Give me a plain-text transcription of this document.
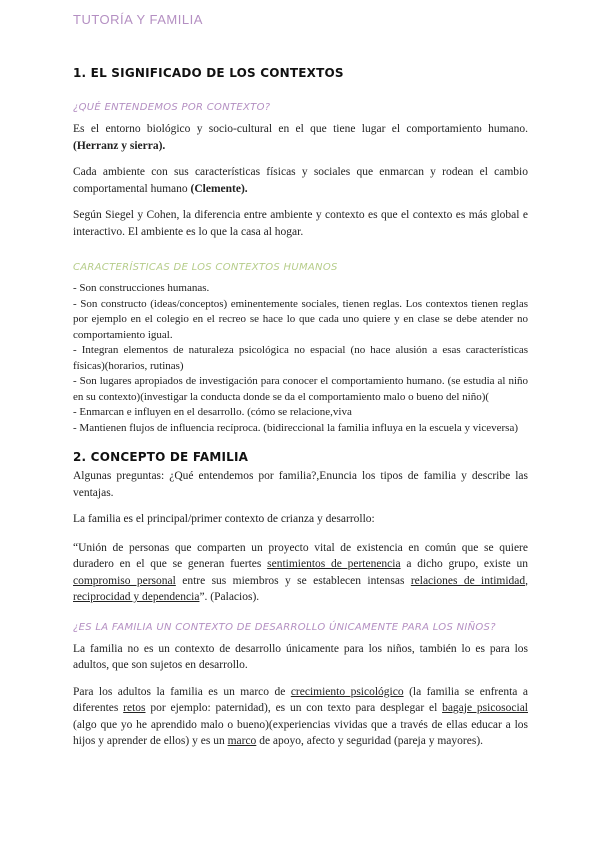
TUTORÍA Y FAMILIA
1. EL SIGNIFICADO DE LOS CONTEXTOS
¿QUÉ ENTENDEMOS POR CONTEXTO?

Es el entorno biológico y socio-cultural en el que tiene lugar el comportamiento humano. (Herranz y sierra).

Cada ambiente con sus características físicas y sociales que enmarcan y rodean el cambio comportamental humano (Clemente).

Según Siegel y Cohen, la diferencia entre ambiente y contexto es que el contexto es más global e interactivo. El ambiente es lo que la casa al hogar.

CARACTERÍSTICAS DE LOS CONTEXTOS HUMANOS

- Son construcciones humanas.

- Son constructo (ideas/conceptos) eminentemente sociales, tienen reglas. Los contextos tienen reglas por ejemplo en el colegio en el recreo se hace lo que cada uno quiere y en clase se debe atender no comportamiento igual.

- Integran elementos de naturaleza psicológica no espacial (no hace alusión a esas características físicas)(horarios, rutinas)

- Son lugares apropiados de investigación para conocer el comportamiento humano. (se estudia al niño en su contexto)(investigar la conducta donde se da el comportamiento malo o bueno del niño)(

- Enmarcan e influyen en el desarrollo. (cómo se relacione,viva

- Mantienen flujos de influencia recíproca. (bidireccional la familia influya en la escuela y viceversa)

2. CONCEPTO DE FAMILIA

Algunas preguntas: ¿Qué entendemos por familia?,Enuncia los tipos de familia y describe las ventajas.

La familia es el principal/primer contexto de crianza y desarrollo:

“Unión de personas que comparten un proyecto vital de existencia en común que se quiere duradero en el que se generan fuertes sentimientos de pertenencia a dicho grupo, existe un compromiso personal entre sus miembros y se establecen intensas relaciones de intimidad, reciprocidad y dependencia”. (Palacios).

¿ES LA FAMILIA UN CONTEXTO DE DESARROLLO ÚNICAMENTE PARA LOS NIÑOS?

La familia no es un contexto de desarrollo únicamente para los niños, también lo es para los adultos, que son sujetos en desarrollo.

Para los adultos la familia es un marco de crecimiento psicológico (la familia se enfrenta a diferentes retos por ejemplo: paternidad), es un con texto para desplegar el bagaje psicosocial (algo que yo he aprendido malo o bueno)(experiencias vividas que a través de ellas educar a los hijos y aprender de ellos) y es un marco de apoyo, afecto y seguridad (pareja y mayores).
